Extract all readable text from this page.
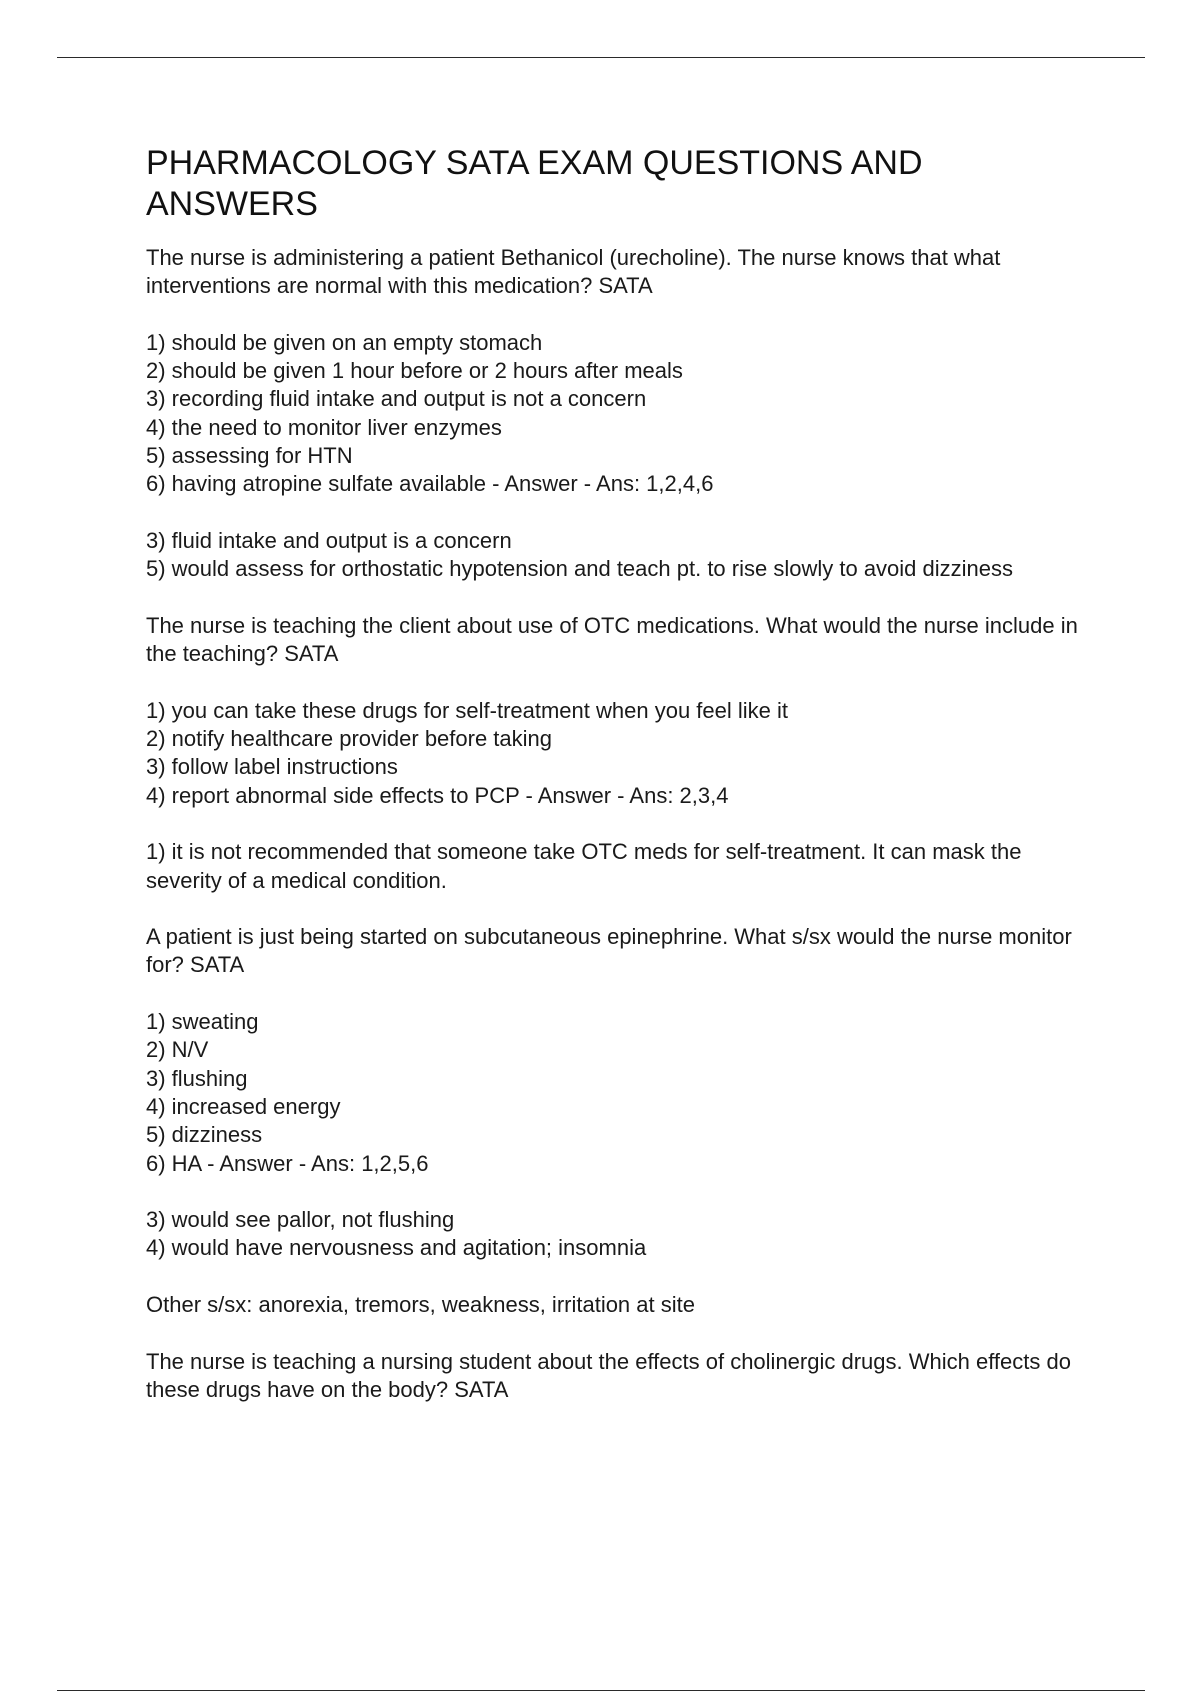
PHARMACOLOGY SATA EXAM QUESTIONS AND ANSWERS

The nurse is administering a patient Bethanicol (urecholine). The nurse knows that what interventions are normal with this medication? SATA

1) should be given on an empty stomach
2) should be given 1 hour before or 2 hours after meals
3) recording fluid intake and output is not a concern
4) the need to monitor liver enzymes
5) assessing for HTN
6) having atropine sulfate available - Answer - Ans: 1,2,4,6
3) fluid intake and output is a concern
5) would assess for orthostatic hypotension and teach pt. to rise slowly to avoid dizziness

The nurse is teaching the client about use of OTC medications. What would the nurse include in the teaching? SATA

1) you can take these drugs for self-treatment when you feel like it
2) notify healthcare provider before taking
3) follow label instructions
4) report abnormal side effects to PCP - Answer - Ans: 2,3,4

1) it is not recommended that someone take OTC meds for self-treatment. It can mask the severity of a medical condition.

A patient is just being started on subcutaneous epinephrine. What s/sx would the nurse monitor for? SATA

1) sweating
2) N/V
3) flushing
4) increased energy
5) dizziness
6) HA - Answer - Ans: 1,2,5,6
3) would see pallor, not flushing
4) would have nervousness and agitation; insomnia

Other s/sx: anorexia, tremors, weakness, irritation at site

The nurse is teaching a nursing student about the effects of cholinergic drugs. Which effects do these drugs have on the body? SATA
